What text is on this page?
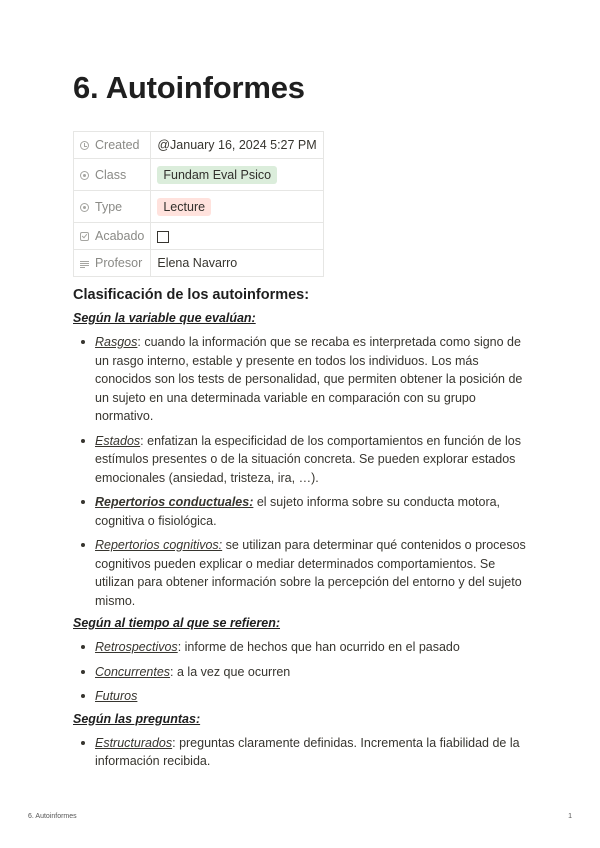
6. Autoinformes
Created	@January 16, 2024 5:27 PM
Class	Fundam Eval Psico
Type	Lecture
Acabado	
Profesor	Elena Navarro
Clasificación de los autoinformes:
Según la variable que evalúan:
Rasgos: cuando la información que se recaba es interpretada como signo de un rasgo interno, estable y presente en todos los individuos. Los más conocidos son los tests de personalidad, que permiten obtener la posición de un sujeto en una determinada variable en comparación con su grupo normativo.
Estados: enfatizan la especificidad de los comportamientos en función de los estímulos presentes o de la situación concreta. Se pueden explorar estados emocionales (ansiedad, tristeza, ira, …).
Repertorios conductuales: el sujeto informa sobre su conducta motora, cognitiva o fisiológica.
Repertorios cognitivos: se utilizan para determinar qué contenidos o procesos cognitivos pueden explicar o mediar determinados comportamientos. Se utilizan para obtener información sobre la percepción del entorno y del sujeto mismo.
Según al tiempo al que se refieren:
Retrospectivos: informe de hechos que han ocurrido en el pasado
Concurrentes: a la vez que ocurren
Futuros
Según las preguntas:
Estructurados: preguntas claramente definidas. Incrementa la fiabilidad de la información recibida.
6. Autoinformes	1
